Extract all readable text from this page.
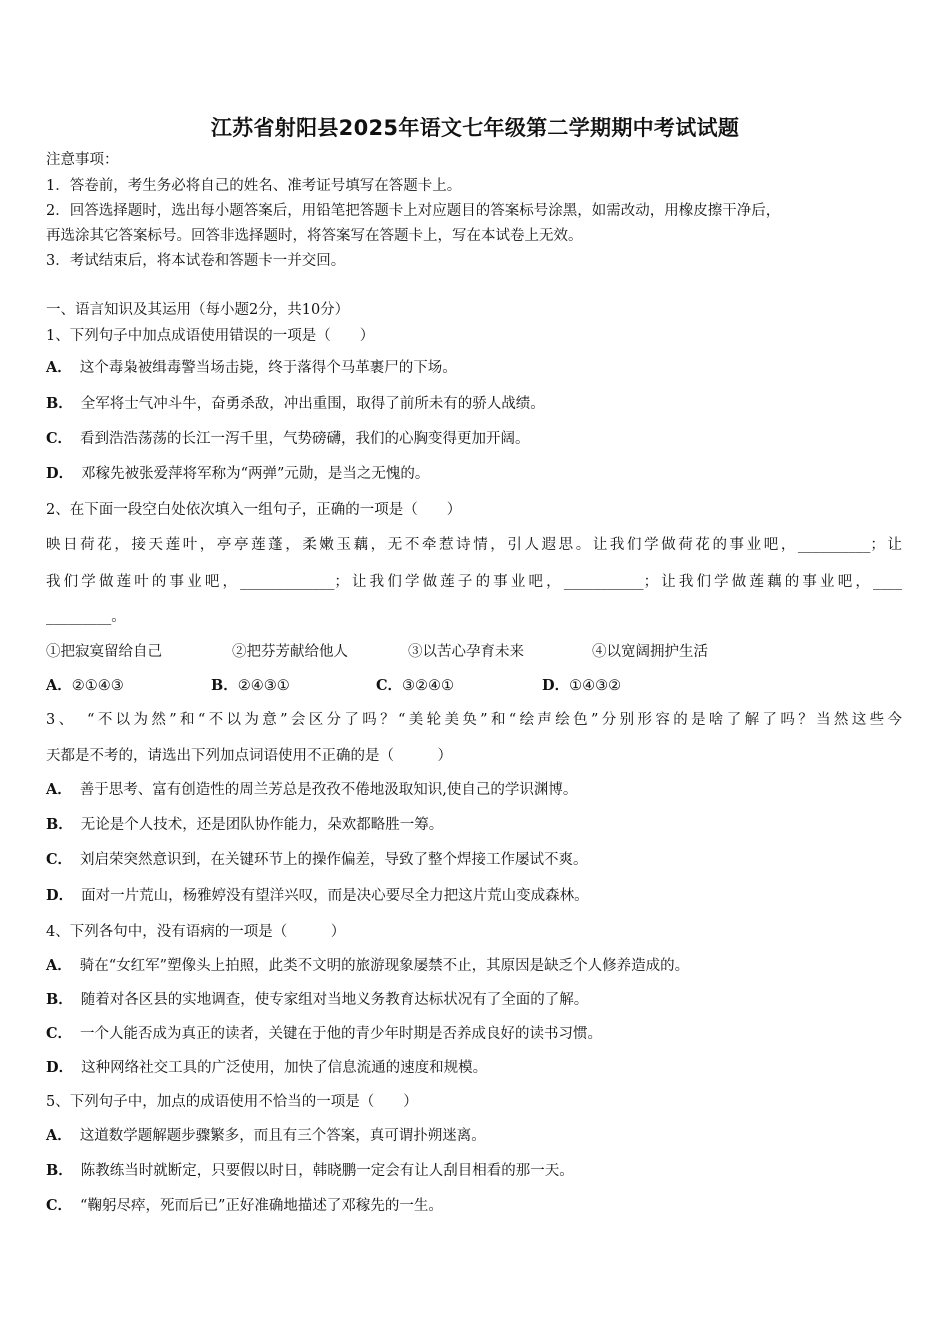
江苏省射阳县2025年语文七年级第二学期期中考试试题
注意事项：
1．答卷前，考生务必将自己的姓名、准考证号填写在答题卡上。
2．回答选择题时，选出每小题答案后，用铅笔把答题卡上对应题目的答案标号涂黑，如需改动，用橡皮擦干净后，
再选涂其它答案标号。回答非选择题时，将答案写在答题卡上，写在本试卷上无效。
3．考试结束后，将本试卷和答题卡一并交回。
一、语言知识及其运用（每小题2分，共10分）
1、下列句子中加点成语使用错误的一项是（　　）
A． 这个毒枭被缉毒警当场击毙，终于落得个马革裹尸的下场。
B． 全军将士气冲斗牛，奋勇杀敌，冲出重围，取得了前所未有的骄人战绩。
C． 看到浩浩荡荡的长江一泻千里，气势磅礴，我们的心胸变得更加开阔。
D． 邓稼先被张爱萍将军称为“两弹”元勋，是当之无愧的。
2、在下面一段空白处依次填入一组句子，正确的一项是（　　）
映日荷花，接天莲叶，亭亭莲蓬，柔嫩玉藕，无不牵惹诗情，引人遐思。让我们学做荷花的事业吧，__________；让
我们学做莲叶的事业吧，_____________；让我们学做莲子的事业吧，___________；让我们学做莲藕的事业吧，____
_________。
①把寂寞留给自己	②把芬芳献给他人	③以苦心孕育未来	④以宽阔拥护生活
A．②①④③	B．②④③①	C．③②④①	D．①④③②
3、　“不以为然”和“不以为意”会区分了吗？“美轮美奂”和“绘声绘色”分别形容的是啥了解了吗？当然这些今
天都是不考的，请选出下列加点词语使用不正确的是（　　　）
A． 善于思考、富有创造性的周兰芳总是孜孜不倦地汲取知识,使自己的学识渊博。
B． 无论是个人技术，还是团队协作能力，朵欢都略胜一筹。
C． 刘启荣突然意识到，在关键环节上的操作偏差，导致了整个焊接工作屡试不爽。
D． 面对一片荒山，杨雅婷没有望洋兴叹，而是决心要尽全力把这片荒山变成森林。
4、下列各句中，没有语病的一项是（　　　）
A． 骑在“女红军”塑像头上拍照，此类不文明的旅游现象屡禁不止，其原因是缺乏个人修养造成的。
B． 随着对各区县的实地调查，使专家组对当地义务教育达标状况有了全面的了解。
C． 一个人能否成为真正的读者，关键在于他的青少年时期是否养成良好的读书习惯。
D． 这种网络社交工具的广泛使用，加快了信息流通的速度和规模。
5、下列句子中，加点的成语使用不恰当的一项是（　　）
A． 这道数学题解题步骤繁多，而且有三个答案，真可谓扑朔迷离。
B． 陈教练当时就断定，只要假以时日，韩晓鹏一定会有让人刮目相看的那一天。
C． “鞠躬尽瘁，死而后已”正好准确地描述了邓稼先的一生。
